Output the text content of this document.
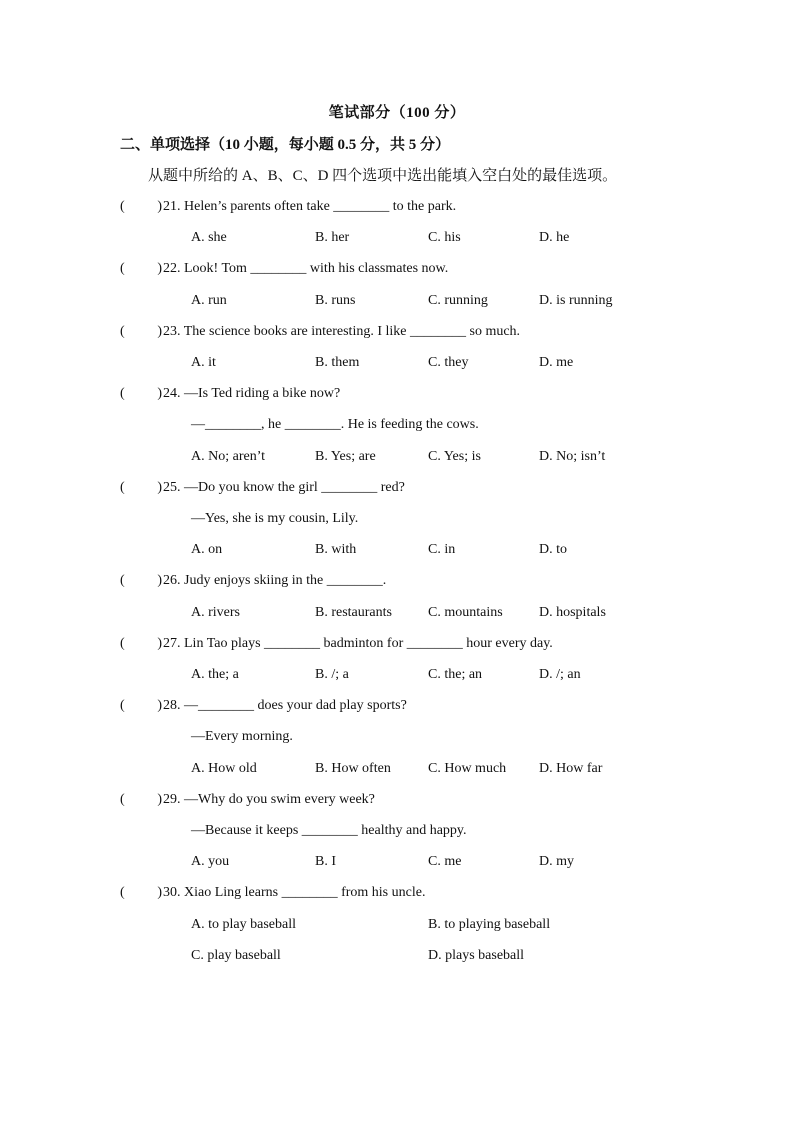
笔试部分（100 分）
二、单项选择（10 小题，每小题 0.5 分，共 5 分）
从题中所给的 A、B、C、D 四个选项中选出能填入空白处的最佳选项。
( ) 21. Helen’s parents often take ________ to the park.
A. she	B. her	C. his	D. he
( ) 22. Look! Tom ________ with his classmates now.
A. run	B. runs	C. running	D. is running
( ) 23. The science books are interesting. I like ________ so much.
A. it	B. them	C. they	D. me
( ) 24. —Is Ted riding a bike now?
—________, he ________. He is feeding the cows.
A. No; aren’t	B. Yes; are	C. Yes; is	D. No; isn’t
( ) 25. —Do you know the girl ________ red?
—Yes, she is my cousin, Lily.
A. on	B. with	C. in	D. to
( ) 26. Judy enjoys skiing in the ________.
A. rivers	B. restaurants	C. mountains	D. hospitals
( ) 27. Lin Tao plays ________ badminton for ________ hour every day.
A. the; a	B. /; a	C. the; an	D. /; an
( ) 28. —________ does your dad play sports?
—Every morning.
A. How old	B. How often	C. How much D. How far
( ) 29. —Why do you swim every week?
—Because it keeps ________ healthy and happy.
A. you	B. I	C. me	D. my
( ) 30. Xiao Ling learns ________ from his uncle.
A. to play baseball	B. to playing baseball
C. play baseball	D. plays baseball
